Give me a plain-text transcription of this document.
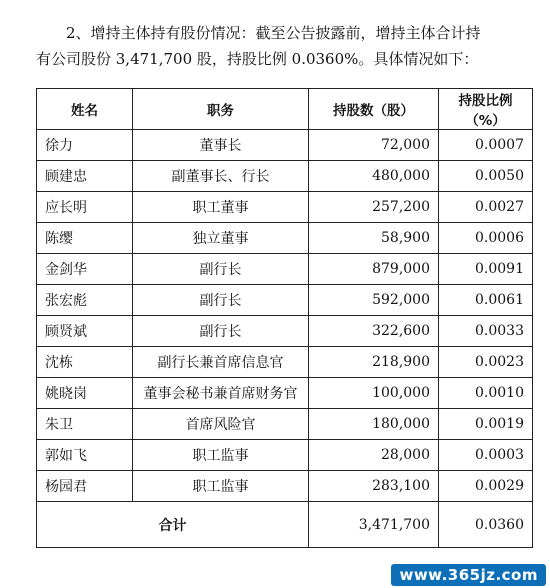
2、增持主体持有股份情况：截至公告披露前，增持主体合计持
有公司股份 3,471,700 股，持股比例 0.0360%。具体情况如下：

姓名	职务	持股数（股）	持股比例（%）
徐力	董事长	72,000	0.0007
顾建忠	副董事长、行长	480,000	0.0050
应长明	职工董事	257,200	0.0027
陈缨	独立董事	58,900	0.0006
金剑华	副行长	879,000	0.0091
张宏彪	副行长	592,000	0.0061
顾贤斌	副行长	322,600	0.0033
沈栋	副行长兼首席信息官	218,900	0.0023
姚晓岗	董事会秘书兼首席财务官	100,000	0.0010
朱卫	首席风险官	180,000	0.0019
郭如飞	职工监事	28,000	0.0003
杨园君	职工监事	283,100	0.0029
合计		3,471,700	0.0360
www.365jz.com
